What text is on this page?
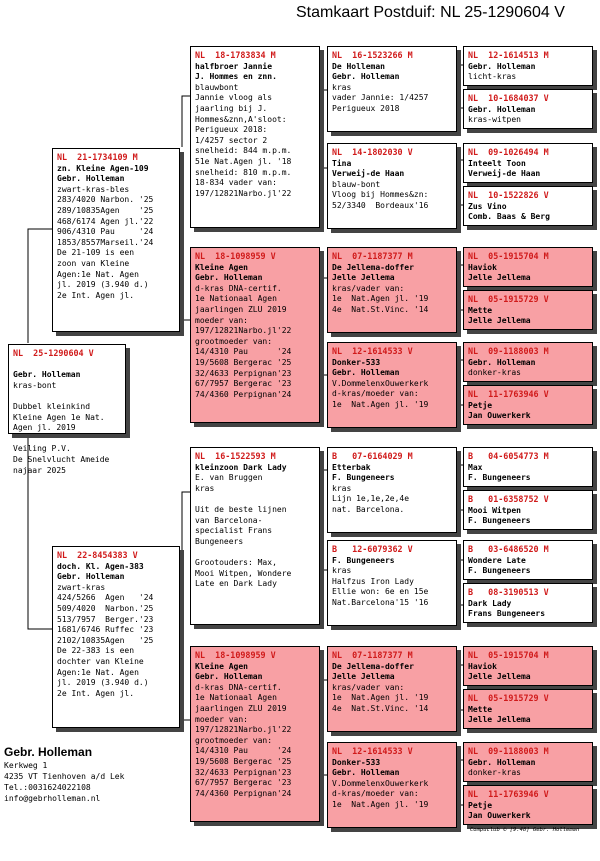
Stamkaart Postduif: NL 25-1290604 V
NL  25-1290604 V

Gebr. Holleman
kras-bont

Dubbel kleinkind
Kleine Agen 1e Nat.
Agen jl. 2019

Veiling P.V.
De Snelvlucht Ameide
najaar 2025
NL  21-1734109 M
zn. Kleine Agen-109
Gebr. Holleman
zwart-kras-bles
283/4020 Narbon. '25
289/10835Agen    '25
468/6174 Agen jl.'22
906/4310 Pau     '24
1853/8557Marseil.'24
De 21-109 is een
zoon van Kleine
Agen:1e Nat. Agen
jl. 2019 (3.940 d.)
2e Int. Agen jl.
NL  22-8454383 V
doch. Kl. Agen-383
Gebr. Holleman
zwart-kras
424/5266  Agen   '24
509/4020  Narbon.'25
513/7957  Berger.'23
1681/6746 Ruffec '23
2102/10835Agen   '25
De 22-383 is een
dochter van Kleine
Agen:1e Nat. Agen
jl. 2019 (3.940 d.)
2e Int. Agen jl.
NL  18-1783834 M
halfbroer Jannie
J. Hommes en znn.
blauwbont
Jannie vloog als
jaarling bij J.
Hommes&znn,A'sloot:
Perigueux 2018:
1/4257 sector 2
snelheid: 844 m.p.m.
51e Nat.Agen jl. '18
snelheid: 810 m.p.m.
18-834 vader van:
197/12821Narbo.jl'22
NL  18-1098959 V
Kleine Agen
Gebr. Holleman
d-kras DNA-certif.
1e Nationaal Agen
jaarlingen ZLU 2019
moeder van:
197/12821Narbo.jl'22
grootmoeder van:
14/4310 Pau      '24
19/5608 Bergerac '25
32/4633 Perpignan'23
67/7957 Bergerac '23
74/4360 Perpignan'24
NL  16-1522593 M
kleinzoon Dark Lady
E. van Bruggen
kras

Uit de beste lijnen
van Barcelona-
specialist Frans
Bungeneers

Grootouders: Max,
Mooi Witpen, Wondere
Late en Dark Lady
NL  18-1098959 V
Kleine Agen
Gebr. Holleman
d-kras DNA-certif.
1e Nationaal Agen
jaarlingen ZLU 2019
moeder van:
197/12821Narbo.jl'22
grootmoeder van:
14/4310 Pau      '24
19/5608 Bergerac '25
32/4633 Perpignan'23
67/7957 Bergerac '23
74/4360 Perpignan'24
NL  16-1523266 M
De Holleman
Gebr. Holleman
kras
vader Jannie: 1/4257
Perigueux 2018
NL  14-1802030 V
Tina
Verweij-de Haan
blauw-bont
Vloog bij Hommes&zn:
52/3340  Bordeaux'16
NL  07-1187377 M
De Jellema-doffer
Jelle Jellema
kras/vader van:
1e  Nat.Agen jl. '19
4e  Nat.St.Vinc. '14
NL  12-1614533 V
Donker-533
Gebr. Holleman
V.DommelenxOuwerkerk
d-kras/moeder van:
1e  Nat.Agen jl. '19
B   07-6164029 M
Etterbak
F. Bungeneers
kras
Lijn 1e,1e,2e,4e
nat. Barcelona.
B   12-6079362 V
F. Bungeneers
kras
Halfzus Iron Lady
Ellie won: 6e en 15e
Nat.Barcelona'15 '16
NL  07-1187377 M
De Jellema-doffer
Jelle Jellema
kras/vader van:
1e  Nat.Agen jl. '19
4e  Nat.St.Vinc. '14
NL  12-1614533 V
Donker-533
Gebr. Holleman
V.DommelenxOuwerkerk
d-kras/moeder van:
1e  Nat.Agen jl. '19
NL  12-1614513 M
Gebr. Holleman
licht-kras
NL  10-1684037 V
Gebr. Holleman
kras-witpen
NL  09-1026494 M
Inteelt Toon
Verweij-de Haan
NL  10-1522826 V
Zus Vino
Comb. Baas & Berg
NL  05-1915704 M
Haviok
Jelle Jellema
NL  05-1915729 V
Mette
Jelle Jellema
NL  09-1188003 M
Gebr. Holleman
donker-kras
NL  11-1763946 V
Petje
Jan Ouwerkerk
B   04-6054773 M
Max
F. Bungeneers
B   01-6358752 V
Mooi Witpen
F. Bungeneers
B   03-6486520 M
Wondere Late
F. Bungeneers
B   08-3190513 V
Dark Lady
Frans Bungeneers
NL  05-1915704 M
Haviok
Jelle Jellema
NL  05-1915729 V
Mette
Jelle Jellema
NL  09-1188003 M
Gebr. Holleman
donker-kras
NL  11-1763946 V
Petje
Jan Ouwerkerk
Gebr. Holleman
Kerkweg 1
4235 VT Tienhoven a/d Lek
Tel.:0031624022108
info@gebrholleman.nl
Compuclub © [9.48] Gebr. Holleman
